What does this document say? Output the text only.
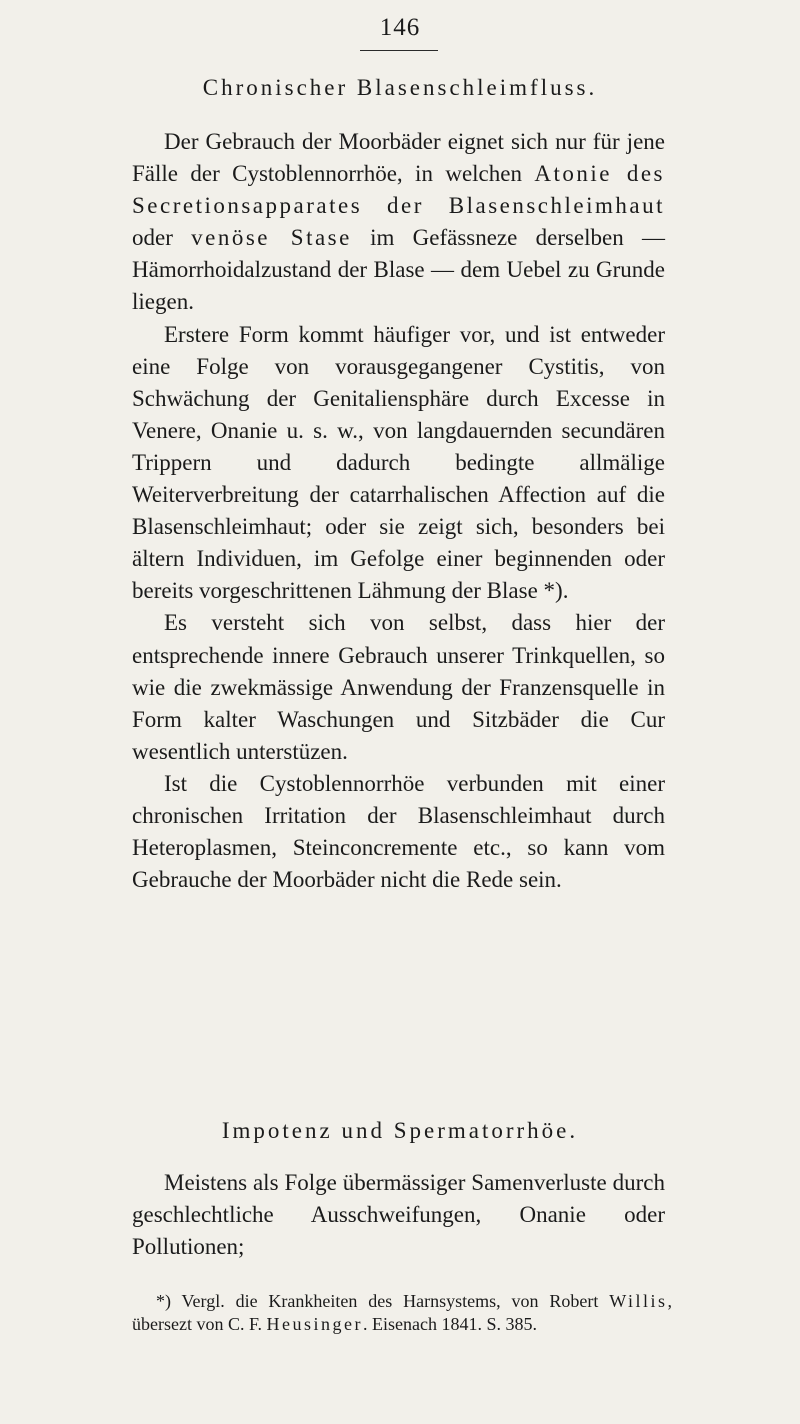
146
Chronischer Blasenschleimfluss.

Der Gebrauch der Moorbäder eignet sich nur für jene Fälle der Cystoblennorrhöe, in welchen Atonie des Secretionsapparates der Blasenschleimhaut oder venöse Stase im Gefässneze derselben — Hämorrhoidalzustand der Blase — dem Uebel zu Grunde liegen.

Erstere Form kommt häufiger vor, und ist entweder eine Folge von vorausgegangener Cystitis, von Schwächung der Genitaliensphäre durch Excesse in Venere, Onanie u. s. w., von langdauernden secundären Trippern und dadurch bedingte allmälige Weiterverbreitung der catarrhalischen Affection auf die Blasenschleimhaut; oder sie zeigt sich, besonders bei ältern Individuen, im Gefolge einer beginnenden oder bereits vorgeschrittenen Lähmung der Blase *).

Es versteht sich von selbst, dass hier der entsprechende innere Gebrauch unserer Trinkquellen, so wie die zwekmässige Anwendung der Franzensquelle in Form kalter Waschungen und Sitzbäder die Cur wesentlich unterstüzen.

Ist die Cystoblennorrhöe verbunden mit einer chronischen Irritation der Blasenschleimhaut durch Heteroplasmen, Steinconcremente etc., so kann vom Gebrauche der Moorbäder nicht die Rede sein.

Impotenz und Spermatorrhöe.

Meistens als Folge übermässiger Samenverluste durch geschlechtliche Ausschweifungen, Onanie oder Pollutionen;

*) Vergl. die Krankheiten des Harnsystems, von Robert Willis, übersezt von C. F. Heusinger. Eisenach 1841. S. 385.
